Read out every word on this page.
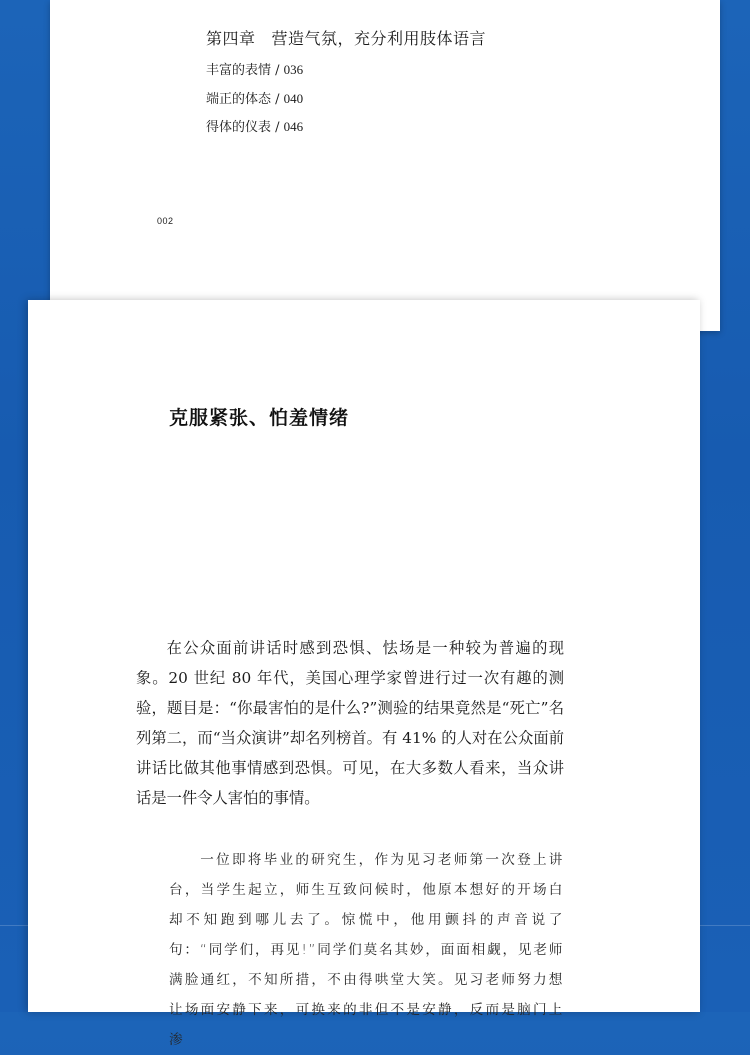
第四章 营造气氛，充分利用肢体语言
丰富的表情 / 036
端正的体态 / 040
得体的仪表 / 046
002
克服紧张、怕羞情绪

在公众面前讲话时感到恐惧、怯场是一种较为普遍的现象。20 世纪 80 年代，美国心理学家曾进行过一次有趣的测验，题目是：“你最害怕的是什么?”测验的结果竟然是“死亡”名列第二，而“当众演讲”却名列榜首。有 41% 的人对在公众面前讲话比做其他事情感到恐惧。可见，在大多数人看来，当众讲话是一件令人害怕的事情。

一位即将毕业的研究生，作为见习老师第一次登上讲台，当学生起立，师生互致问候时，他原本想好的开场白却不知跑到哪儿去了。惊慌中，他用颤抖的声音说了句：“同学们，再见!”同学们莫名其妙，面面相觑，见老师满脸通红，不知所措，不由得哄堂大笑。见习老师努力想让场面安静下来，可换来的非但不是安静，反而是脑门上渗
